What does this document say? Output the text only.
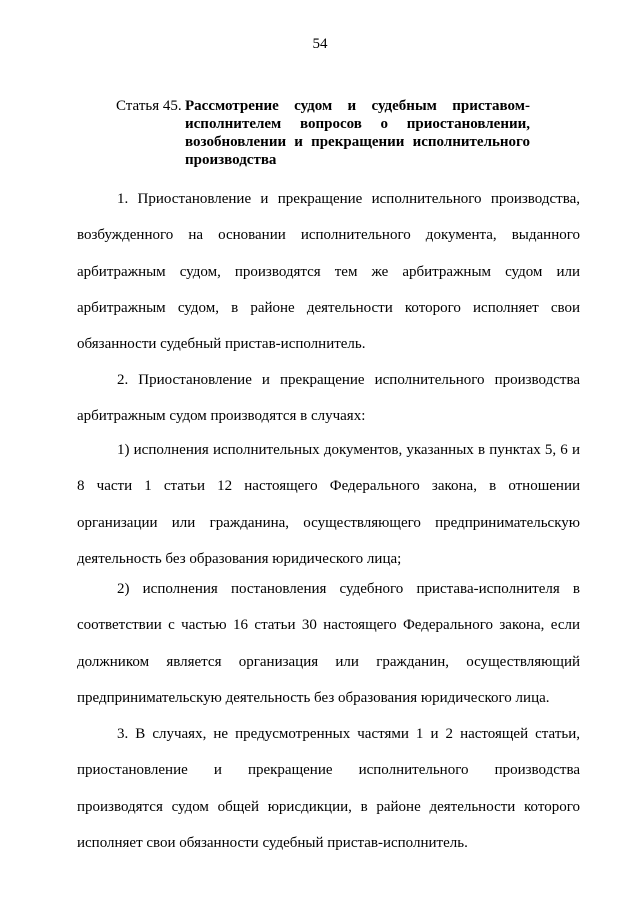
54
Статья 45. Рассмотрение судом и судебным приставом-исполнителем вопросов о приостановлении, возобновлении и прекращении исполнительного производства

1. Приостановление и прекращение исполнительного производства, возбужденного на основании исполнительного документа, выданного арбитражным судом, производятся тем же арбитражным судом или арбитражным судом, в районе деятельности которого исполняет свои обязанности судебный пристав-исполнитель.

2. Приостановление и прекращение исполнительного производства арбитражным судом производятся в случаях:

1) исполнения исполнительных документов, указанных в пунктах 5, 6 и 8 части 1 статьи 12 настоящего Федерального закона, в отношении организации или гражданина, осуществляющего предпринимательскую деятельность без образования юридического лица;

2) исполнения постановления судебного пристава-исполнителя в соответствии с частью 16 статьи 30 настоящего Федерального закона, если должником является организация или гражданин, осуществляющий предпринимательскую деятельность без образования юридического лица.

3. В случаях, не предусмотренных частями 1 и 2 настоящей статьи, приостановление и прекращение исполнительного производства производятся судом общей юрисдикции, в районе деятельности которого исполняет свои обязанности судебный пристав-исполнитель.
